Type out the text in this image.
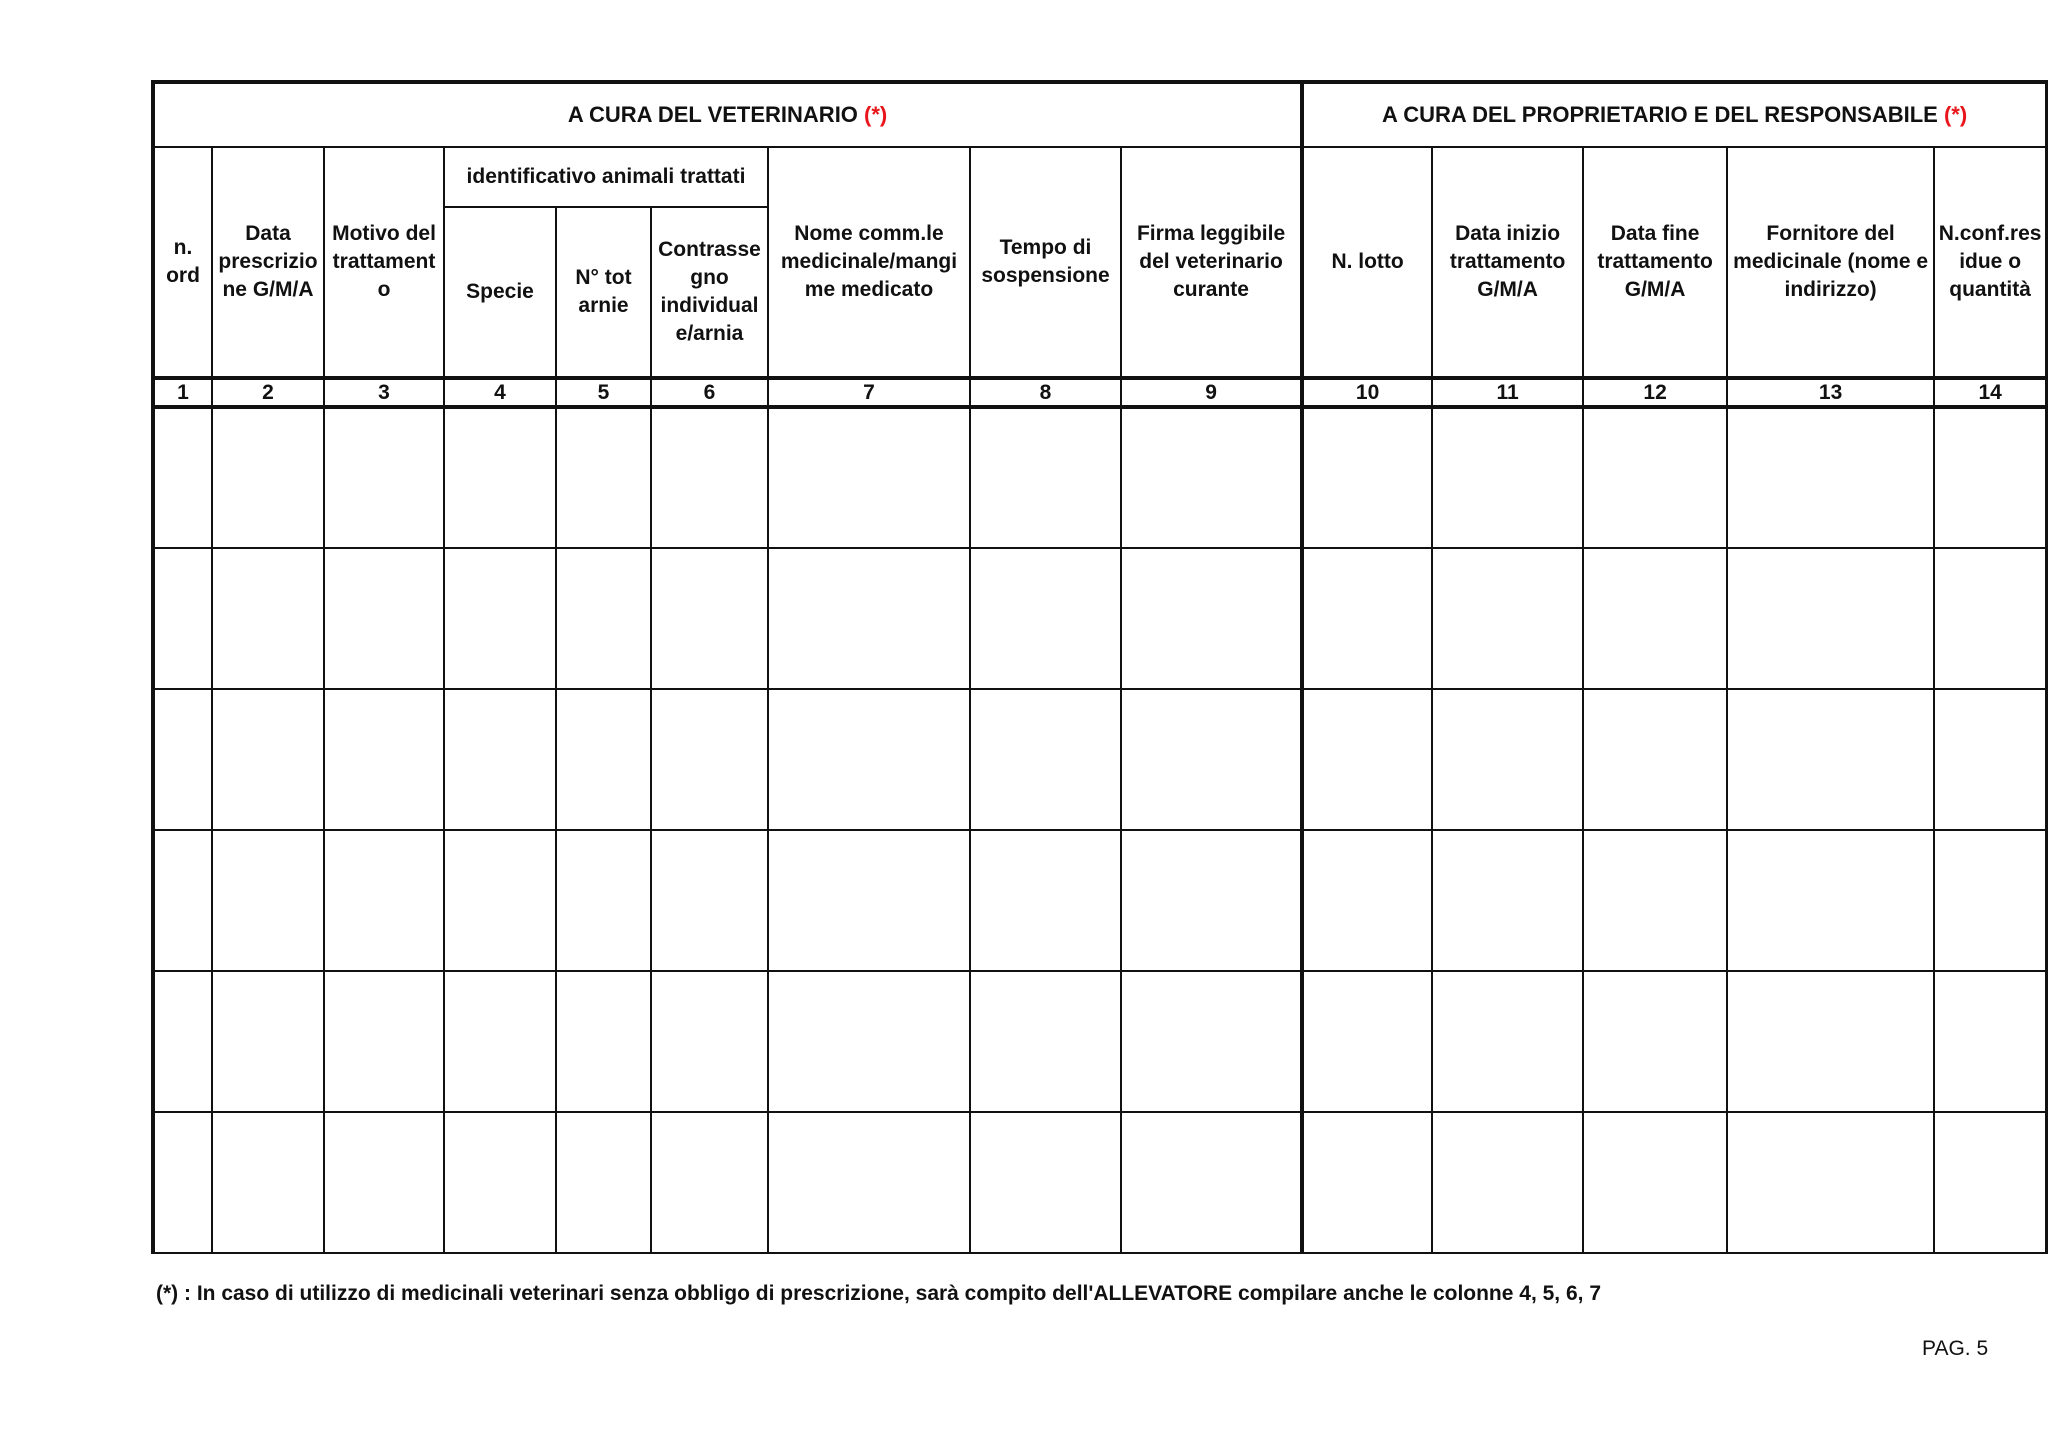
A CURA DEL VETERINARIO (*)									A CURA DEL PROPRIETARIO E DEL RESPONSABILE (*)				
n. ord	Data prescrizione G/M/A	Motivo del trattamento	identificativo animali trattati			Nome comm.le medicinale/mangime medicato	Tempo di sospensione	Firma leggibile del veterinario curante	N. lotto	Data inizio trattamento G/M/A	Data fine trattamento G/M/A	Fornitore del medicinale (nome e indirizzo)	N.conf.residue o quantità
			Specie	N° tot arnie	Contrassegno individuale/arnia								
1	2	3	4	5	6	7	8	9	10	11	12	13	14

(*) : In caso di utilizzo di medicinali veterinari senza obbligo di prescrizione, sarà compito dell'ALLEVATORE compilare anche le colonne 4, 5, 6, 7
PAG. 5
